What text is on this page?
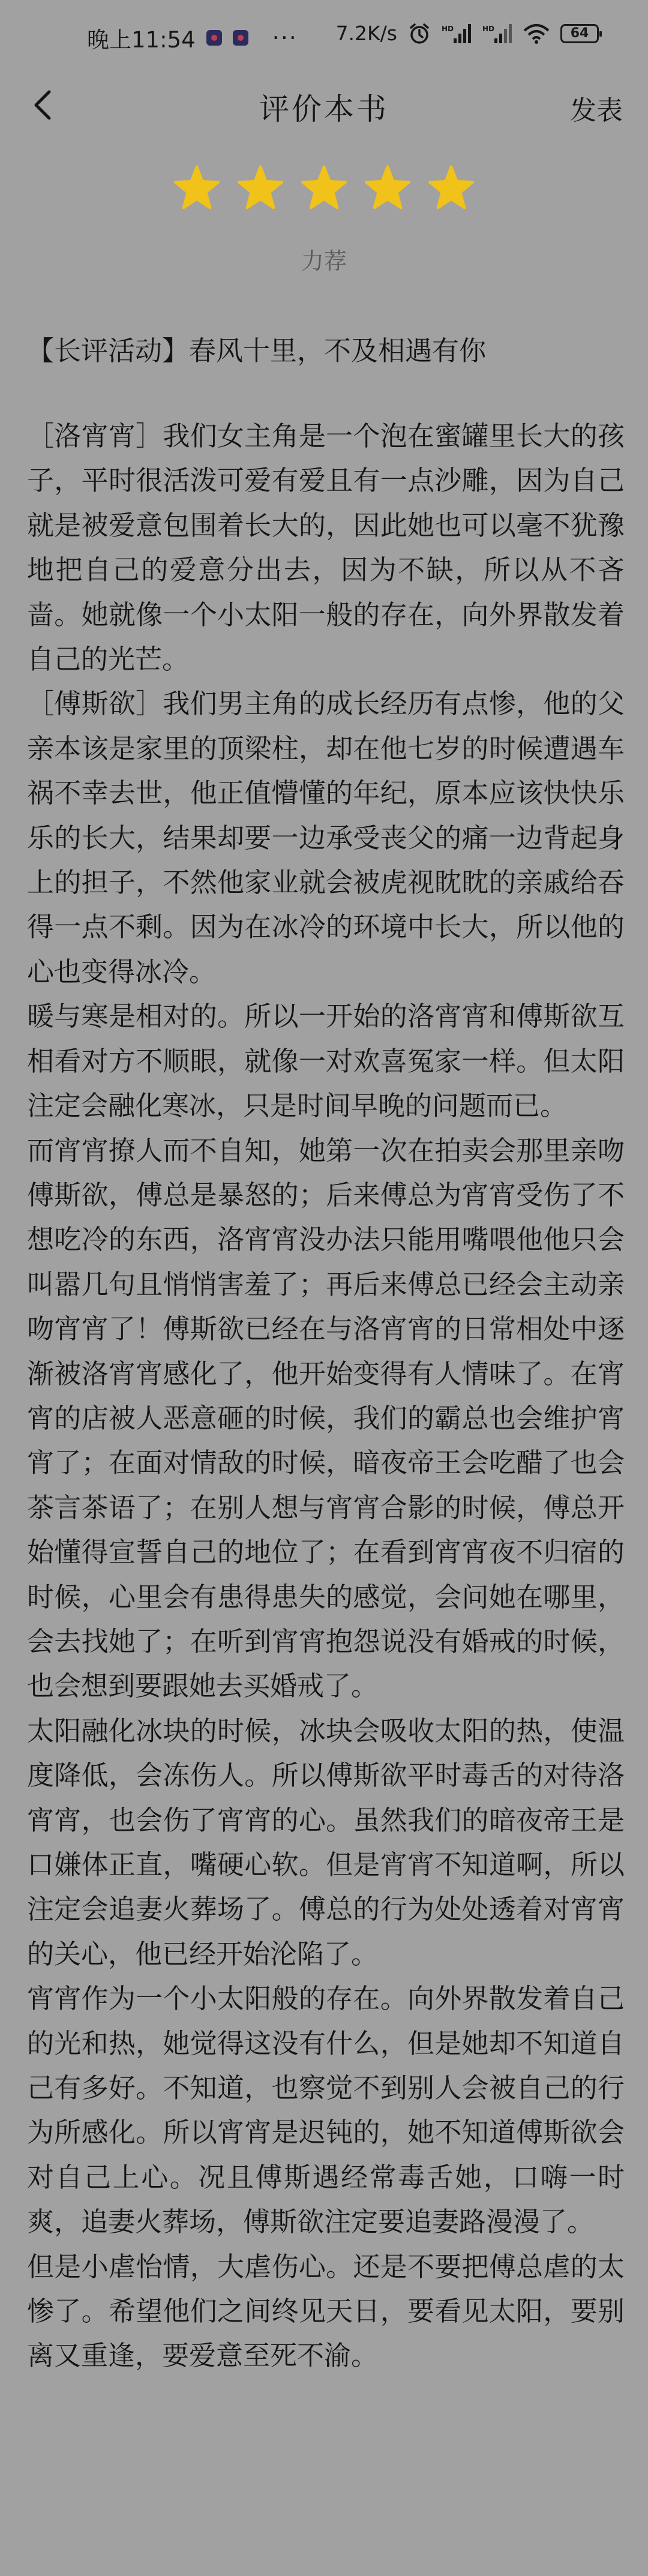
晚上11:54	··· 7.2K/s	HD	HD	64
评价本书	发表
力荐
【长评活动】春风十里，不及相遇有你

［洛宵宵］我们女主角是一个泡在蜜罐里长大的孩子，平时很活泼可爱有爱且有一点沙雕，因为自己就是被爱意包围着长大的，因此她也可以毫不犹豫地把自己的爱意分出去，因为不缺，所以从不吝啬。她就像一个小太阳一般的存在，向外界散发着自己的光芒。

［傅斯欲］我们男主角的成长经历有点惨，他的父亲本该是家里的顶梁柱，却在他七岁的时候遭遇车祸不幸去世，他正值懵懂的年纪，原本应该快快乐乐的长大，结果却要一边承受丧父的痛一边背起身上的担子，不然他家业就会被虎视眈眈的亲戚给吞得一点不剩。因为在冰冷的环境中长大，所以他的心也变得冰冷。

暖与寒是相对的。所以一开始的洛宵宵和傅斯欲互相看对方不顺眼，就像一对欢喜冤家一样。但太阳注定会融化寒冰，只是时间早晚的问题而已。

而宵宵撩人而不自知，她第一次在拍卖会那里亲吻傅斯欲，傅总是暴怒的；后来傅总为宵宵受伤了不想吃冷的东西，洛宵宵没办法只能用嘴喂他他只会叫嚣几句且悄悄害羞了；再后来傅总已经会主动亲吻宵宵了！傅斯欲已经在与洛宵宵的日常相处中逐渐被洛宵宵感化了，他开始变得有人情味了。在宵宵的店被人恶意砸的时候，我们的霸总也会维护宵宵了；在面对情敌的时候，暗夜帝王会吃醋了也会茶言茶语了；在别人想与宵宵合影的时候，傅总开始懂得宣誓自己的地位了；在看到宵宵夜不归宿的时候，心里会有患得患失的感觉，会问她在哪里，会去找她了；在听到宵宵抱怨说没有婚戒的时候，也会想到要跟她去买婚戒了。

太阳融化冰块的时候，冰块会吸收太阳的热，使温度降低，会冻伤人。所以傅斯欲平时毒舌的对待洛宵宵，也会伤了宵宵的心。虽然我们的暗夜帝王是口嫌体正直，嘴硬心软。但是宵宵不知道啊，所以注定会追妻火葬场了。傅总的行为处处透着对宵宵的关心，他已经开始沦陷了。

宵宵作为一个小太阳般的存在。向外界散发着自己的光和热，她觉得这没有什么，但是她却不知道自己有多好。不知道，也察觉不到别人会被自己的行为所感化。所以宵宵是迟钝的，她不知道傅斯欲会对自己上心。况且傅斯遇经常毒舌她，口嗨一时爽，追妻火葬场，傅斯欲注定要追妻路漫漫了。

但是小虐怡情，大虐伤心。还是不要把傅总虐的太惨了。希望他们之间终见天日，要看见太阳，要别离又重逢，要爱意至死不渝。
